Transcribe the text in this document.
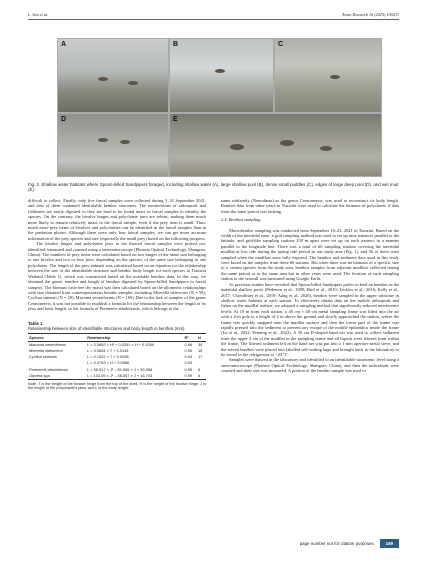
L. Sun et al.	Avian Research 16 (2025) 100233
A	B	C
D	E
Fig. 2. Shallow water habitats where Spoon-billed Sandpipers foraged, including shallow water (A), large shallow pool (B), dense small puddles (C), edges of large deep pool (D), and wet mud (E).

difficult to collect. Finally, only five faecal samples were collected during 3–31 September 2021, and four of them contained identifiable benthic structures. The exoskeletons of arthropods and fishbones are easily digested so they are hard to be found intact in faecal samples to identify the species. On the contrary, the bivalve hinges and polychaete jaws are robust, making them much more likely to remain relatively intact in the faecal sample, even if the prey item is small. Thus, much more prey items of bivalves and polychaetes can be identified in the faecal samples than in the predation photos. Although there were only four faecal samples, we can get more accurate information of the prey species and size (especially the small prey) based on the following progress.

The bivalve hinges and polychaete jaws in the thawed faecal samples were picked out, identified, measured and counted using a stereomicroscope (Phoenix Optical Technology, Shangrao, China). The numbers of prey items were calculated based on two hinges of the same size belonging to one bivalve and two or four jaws, depending on the species, of the same size belonging to one polychaete. The length of the prey animals was calculated based on an equation for the relationship between the size of the identifiable structure and benthic body length for each species in Tiaozini Wetland (Table 1), which was constructed based on the available benthos data. In this way, we obtained the genre, number and length of benthos digested by Spoon-billed Sandpipers in faecal samples. The biomass (ash-free dry mass) was then calculated based on the allometric relationships with size obtained from contemporaneous benthic samples, including Moerella iridescens (N = 50), Cyclina sinensis (N = 20), Macoma veneriformis (N = 169). Due to the lack of samples of the genus Ceratonereis, it was not possible to establish a formula for the relationship between the length of its jaws and body length, so the formula of Perinereis aibuhitensis, which belongs to the

Table 1
Relationship between size of identifiable structures and body length in benthos (mm).
Species	Relationship	R²	N
Macoma veneriformis	L = 0.0662 × H² + 0.0351 × H + 0.1059	0.96	30
Moerella iridescens	L = 0.0664 × T + 0.0144	0.95	15
Cyclina sinensis	L = 0.1322 × T + 0.0258	0.94	17
	L = 0.0753 × H + 0.0586	0.93	
Perinereis aibuhitensis	L = 55.917 × J² – 81.965 × J + 59.358	0.95	5
Glycera spp.	L = 131.09 × J² – 46.657 × J + 15.703	0.99	6
Note: T is the height of the bivalve hinge from the top of the shell, H is the height of the bivalve hinge, J is the length of the polychaete's jaws, and L is the body length.

same subfamily (Nereidinae) as the genus Ceratonereis, was used to reconstruct its body length. Benthos data from other years in Tiaozini were used to calculate the biomass of polychaete if data from the same period was lacking.

2.4. Benthos sampling

Macrobenthic sampling was conducted from September 10–23, 2021 in Tiaozini. Based on the width of the intertidal zone, a grid sampling method was used to set up nine transects parallel to the latitude, and grid-like sampling stations 250 m apart were set up on each transect in a manner parallel to the longitude line. There was a total of 60 sampling stations covering the intertidal mudflat at low tide during the spring tide period in our study area (Fig. 1), and 56 of them were sampled when the mudflats were fully exposed. The benthos and sediment data used in this study were based on the samples from these 60 stations. But when there was no biomass of a specific size of a certain species from the study area, benthos samples from adjacent mudflats collected during the same period or in the same area but in other years were used. The location of each sampling station to the seawall was measured using Google Earth.

As previous studies have revealed that Spoon-billed Sandpipers prefer to feed on benthos in the intertidal shallow pools (Pedersen et al., 1999; Bird et al., 2010; Zöckler et al., 2016; Kelly et al., 2017; Chowdhury et al., 2019; Aung et al., 2020), benthos were sampled in the upper substrate in shallow water habitats at each station. To effectively obtain data on the mobile arthropods and fishes on the mudflat surface, we adopted a sampling method that significantly reduced interference levels. At 10 m from each station, a 40 cm × 40 cm metal sampling frame was lifted into the air with a 4-m pole to a height of 2 m above the ground and slowly approached the station, where the frame was quickly snapped onto the mudflat surface and then the lower part of the frame was rapidly pressed into the sediment to prevent any escape of the mobile epibenthos inside the frame (Lu et al., 2022; Penning et al., 2022). A 30 cm D-shaped hand net was used to collect sediment from the upper 4 cm of the mudflat in the sampling frame and all liquids were filtered from within the frame. The filtered sediment left in the hand net was put into a 1 mm aperture metal sieve, and the sieved benthos were placed into labelled self-sealing bags and brought back to the laboratory to be stored in the refrigerator at −20 °C.

Samples were thawed in the laboratory and identified to an identifiable taxonomic level using a stereomicroscope (Phoenix Optical Technology, Shangrao, China), and then the individuals were counted and their size was measured. A portion of the benthic sample was used to

page number not for citation purposes	169
